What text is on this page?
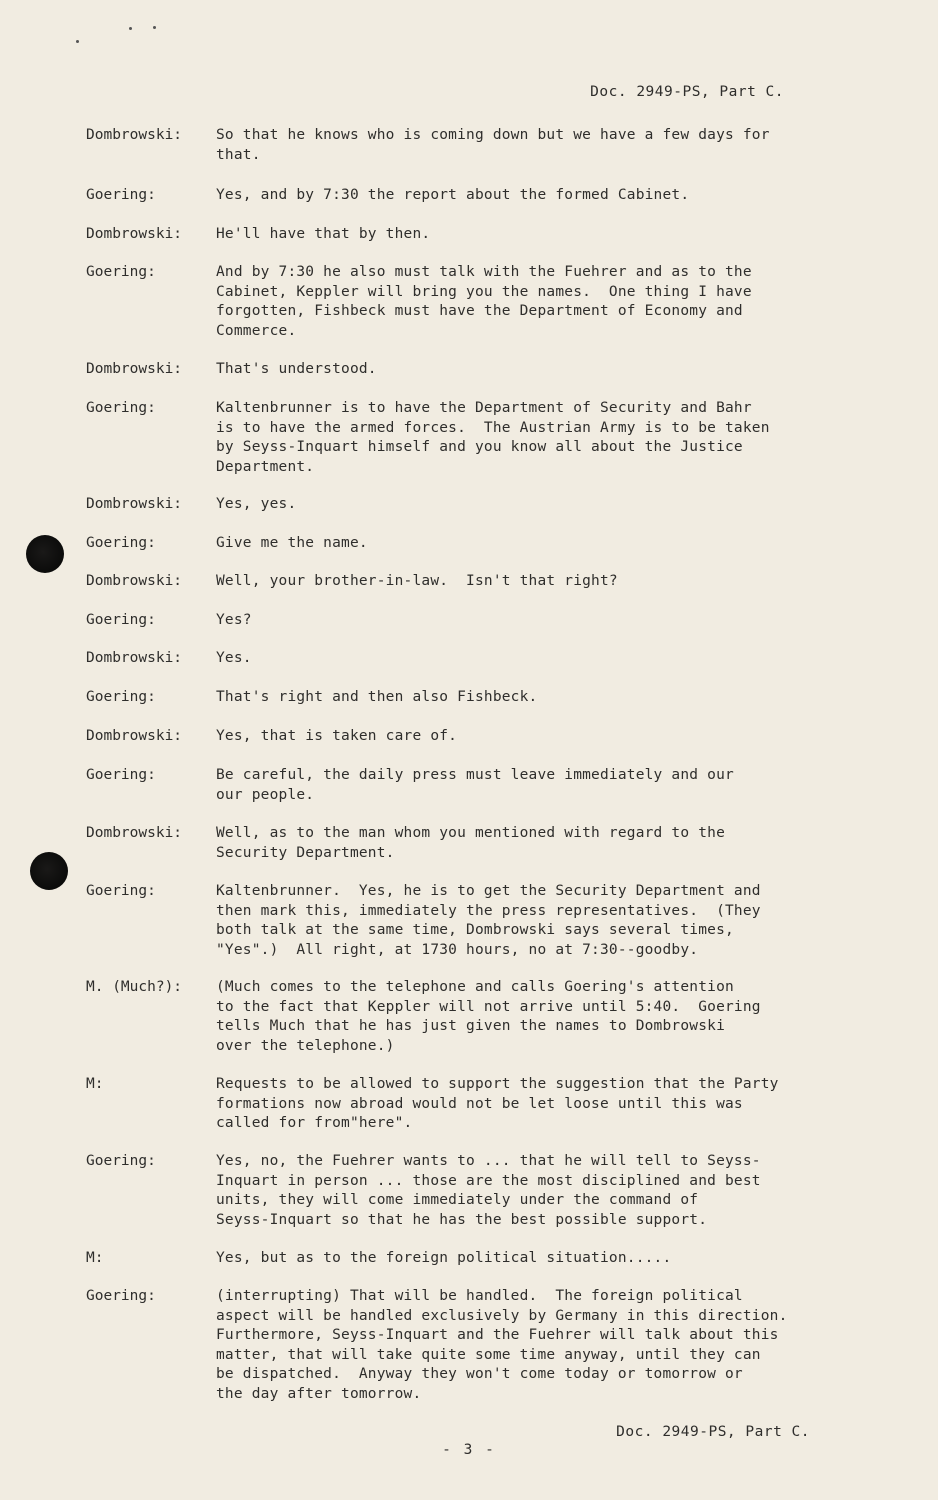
Doc. 2949-PS, Part C.
Dombrowski:	So that he knows who is coming down but we have a few days for
that.
Goering:	Yes, and by 7:30 the report about the formed Cabinet.
Dombrowski:	He'll have that by then.
Goering:	And by 7:30 he also must talk with the Fuehrer and as to the
Cabinet, Keppler will bring you the names.  One thing I have
forgotten, Fishbeck must have the Department of Economy and
Commerce.
Dombrowski:	That's understood.
Goering:	Kaltenbrunner is to have the Department of Security and Bahr
is to have the armed forces.  The Austrian Army is to be taken
by Seyss-Inquart himself and you know all about the Justice
Department.
Dombrowski:	Yes, yes.
Goering:	Give me the name.
Dombrowski:	Well, your brother-in-law.  Isn't that right?
Goering:	Yes?
Dombrowski:	Yes.
Goering:	That's right and then also Fishbeck.
Dombrowski:	Yes, that is taken care of.
Goering:	Be careful, the daily press must leave immediately and our
our people.
Dombrowski:	Well, as to the man whom you mentioned with regard to the
Security Department.
Goering:	Kaltenbrunner.  Yes, he is to get the Security Department and
then mark this, immediately the press representatives.  (They
both talk at the same time, Dombrowski says several times,
"Yes".)  All right, at 1730 hours, no at 7:30--goodby.
M. (Much?):	(Much comes to the telephone and calls Goering's attention
to the fact that Keppler will not arrive until 5:40.  Goering
tells Much that he has just given the names to Dombrowski
over the telephone.)
M:	Requests to be allowed to support the suggestion that the Party
formations now abroad would not be let loose until this was
called for from"here".
Goering:	Yes, no, the Fuehrer wants to ... that he will tell to Seyss-
Inquart in person ... those are the most disciplined and best
units, they will come immediately under the command of
Seyss-Inquart so that he has the best possible support.
M:	Yes, but as to the foreign political situation.....
Goering:	(interrupting) That will be handled.  The foreign political
aspect will be handled exclusively by Germany in this direction.
Furthermore, Seyss-Inquart and the Fuehrer will talk about this
matter, that will take quite some time anyway, until they can
be dispatched.  Anyway they won't come today or tomorrow or
the day after tomorrow.
Doc. 2949-PS, Part C.
- 3 -
